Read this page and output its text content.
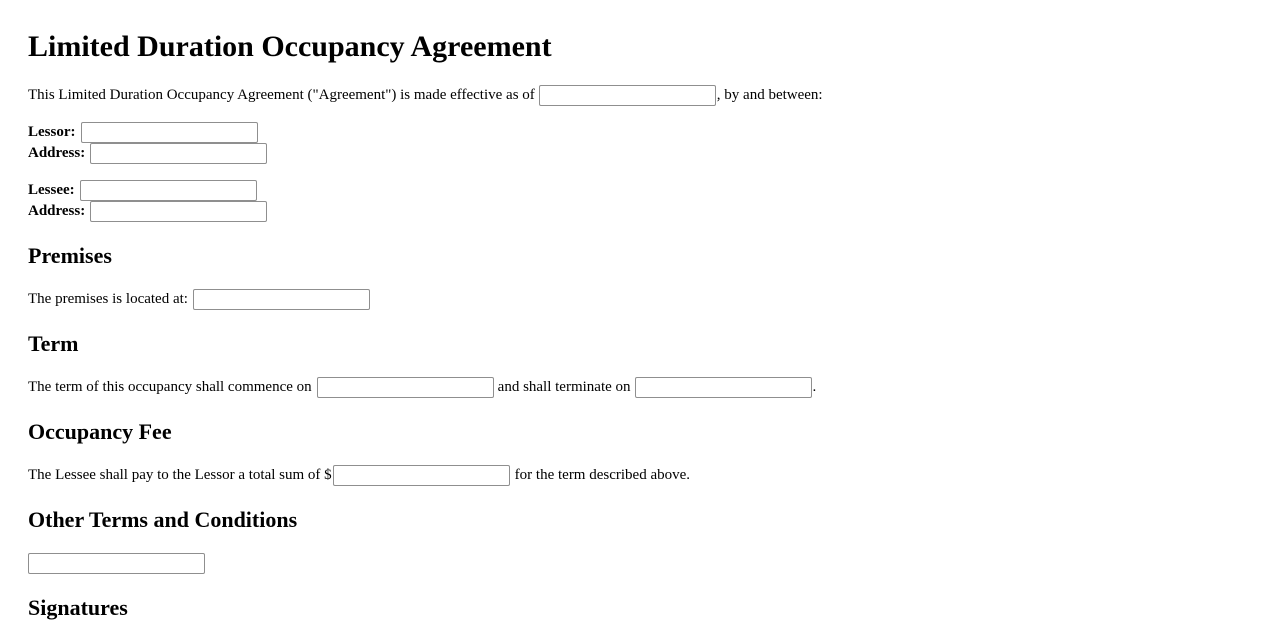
Limited Duration Occupancy Agreement
This Limited Duration Occupancy Agreement ("Agreement") is made effective as of	, by and between:
Lessor:
Address:
Lessee:
Address:
Premises
The premises is located at:
Term
The term of this occupancy shall commence on	and shall terminate on	.
Occupancy Fee
The Lessee shall pay to the Lessor a total sum of $	for the term described above.
Other Terms and Conditions
Signatures
